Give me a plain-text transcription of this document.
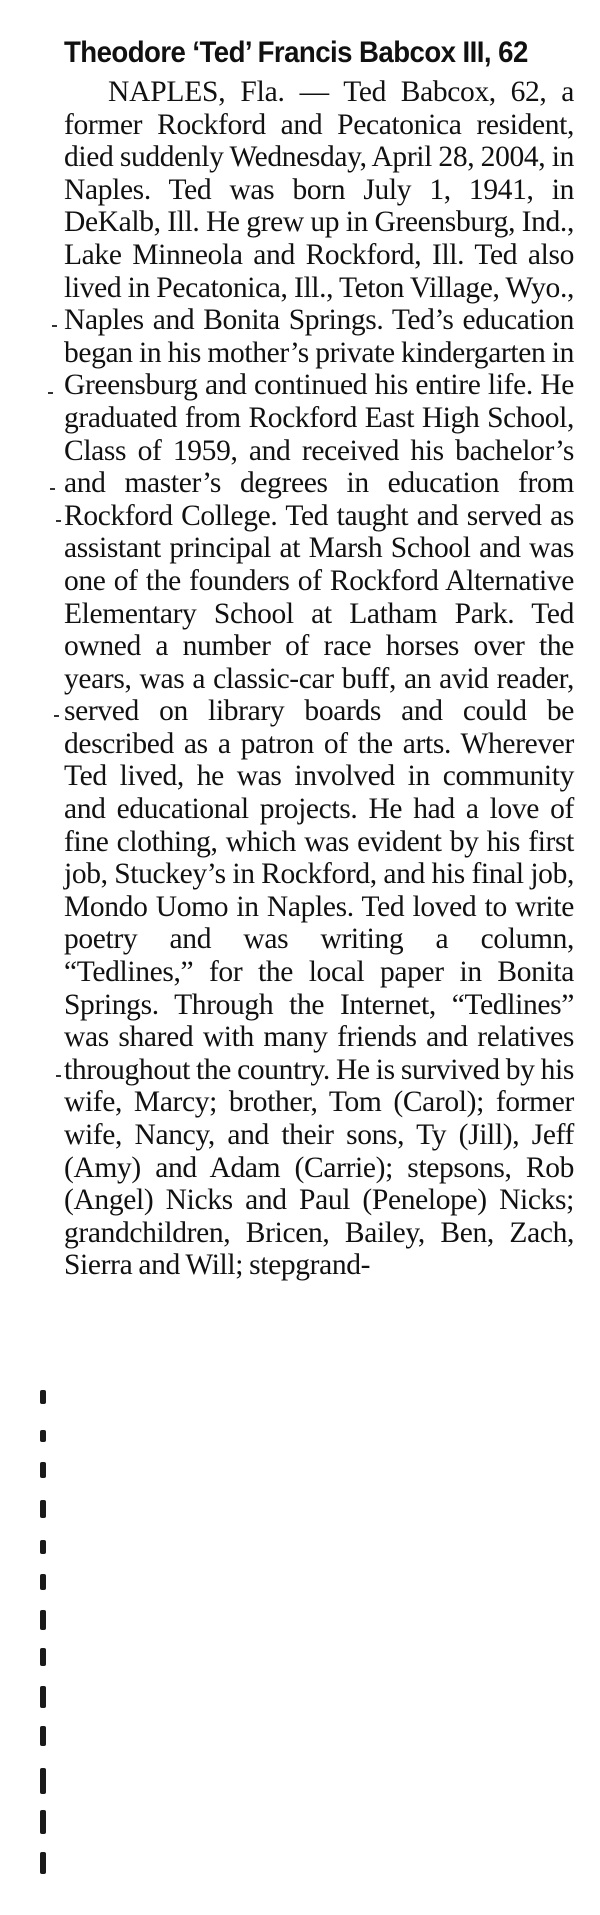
Theodore ‘Ted’ Francis Babcox III, 62

NAPLES, Fla. — Ted Babcox, 62, a former Rockford and Pecatonica resident, died suddenly Wednesday, April 28, 2004, in Naples. Ted was born July 1, 1941, in DeKalb, Ill. He grew up in Greensburg, Ind., Lake Minneola and Rockford, Ill. Ted also lived in Pecatonica, Ill., Teton Village, Wyo., Naples and Bonita Springs. Ted’s education began in his mother’s private kindergarten in Greensburg and continued his entire life. He graduated from Rockford East High School, Class of 1959, and received his bachelor’s and master’s degrees in education from Rockford College. Ted taught and served as assistant principal at Marsh School and was one of the founders of Rockford Alternative Elementary School at Latham Park. Ted owned a number of race horses over the years, was a classic-car buff, an avid reader, served on library boards and could be described as a patron of the arts. Wherever Ted lived, he was involved in community and educational projects. He had a love of fine clothing, which was evident by his first job, Stuckey’s in Rockford, and his final job, Mondo Uomo in Naples. Ted loved to write poetry and was writing a column, “Tedlines,” for the local paper in Bonita Springs. Through the Internet, “Tedlines” was shared with many friends and relatives throughout the country. He is survived by his wife, Marcy; brother, Tom (Carol); former wife, Nancy, and their sons, Ty (Jill), Jeff (Amy) and Adam (Carrie); stepsons, Rob (Angel) Nicks and Paul (Penelope) Nicks; grandchildren, Bricen, Bailey, Ben, Zach, Sierra and Will; stepgrand-
